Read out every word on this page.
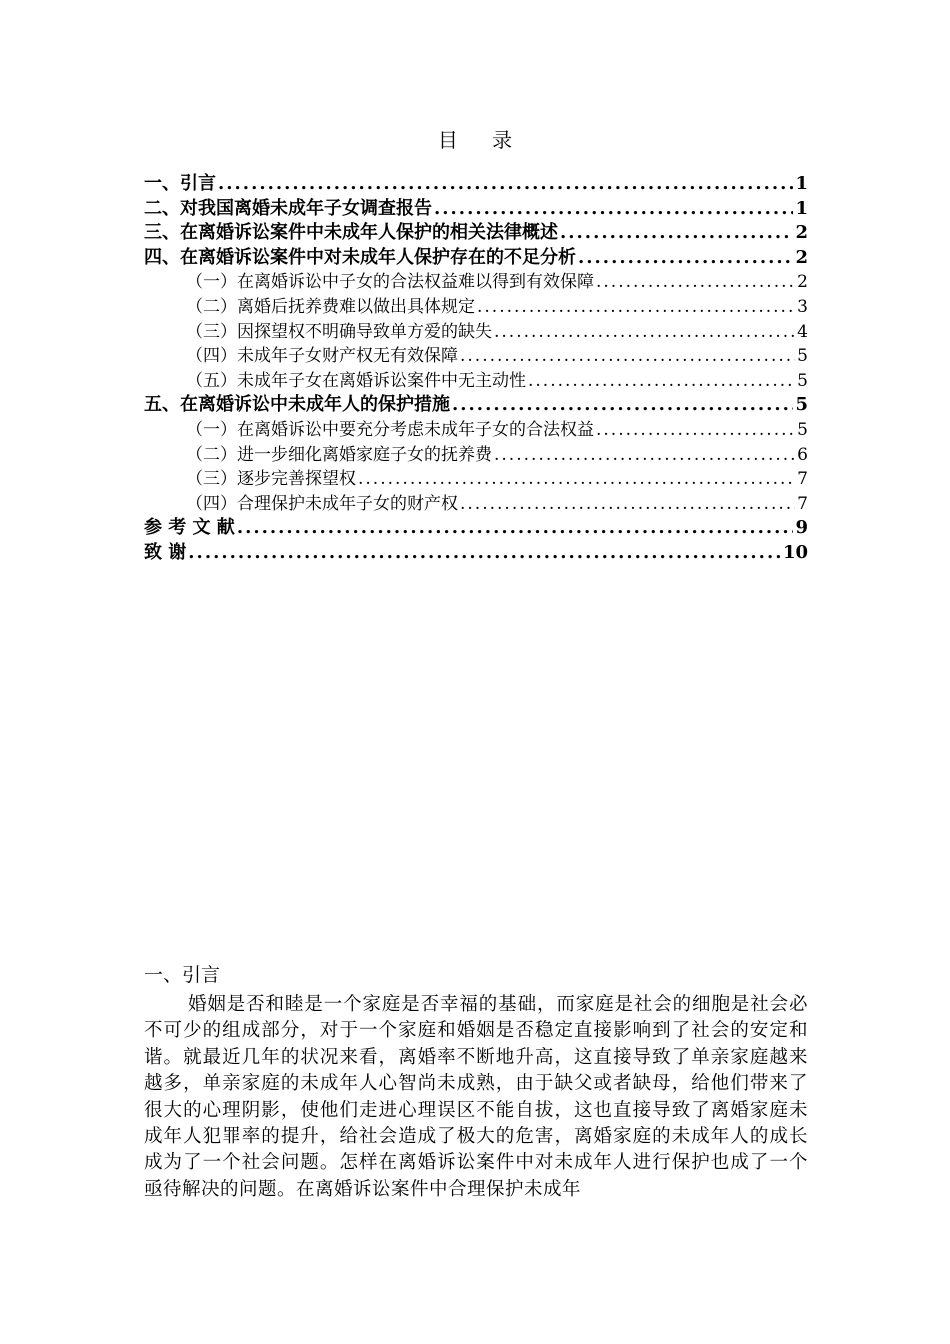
目 录
一、引言 .....	1
二、对我国离婚未成年子女调查报告 .....	1
三、在离婚诉讼案件中未成年人保护的相关法律概述 .....	2
四、在离婚诉讼案件中对未成年人保护存在的不足分析 .....	2
（一）在离婚诉讼中子女的合法权益难以得到有效保障 .....	2
（二）离婚后抚养费难以做出具体规定 .....	3
（三）因探望权不明确导致单方爱的缺失 .....	4
（四）未成年子女财产权无有效保障 .....	5
（五）未成年子女在离婚诉讼案件中无主动性 .....	5
五、在离婚诉讼中未成年人的保护措施 .....	5
（一）在离婚诉讼中要充分考虑未成年子女的合法权益 .....	5
（二）进一步细化离婚家庭子女的抚养费 .....	6
（三）逐步完善探望权 .....	7
（四）合理保护未成年子女的财产权 .....	7
参 考 文 献 .....	9
致 谢 .....	10
一、引言

婚姻是否和睦是一个家庭是否幸福的基础，而家庭是社会的细胞是社会必不可少的组成部分，对于一个家庭和婚姻是否稳定直接影响到了社会的安定和谐。就最近几年的状况来看，离婚率不断地升高，这直接导致了单亲家庭越来越多，单亲家庭的未成年人心智尚未成熟，由于缺父或者缺母，给他们带来了很大的心理阴影，使他们走进心理误区不能自拔，这也直接导致了离婚家庭未成年人犯罪率的提升，给社会造成了极大的危害，离婚家庭的未成年人的成长成为了一个社会问题。怎样在离婚诉讼案件中对未成年人进行保护也成了一个亟待解决的问题。在离婚诉讼案件中合理保护未成年
